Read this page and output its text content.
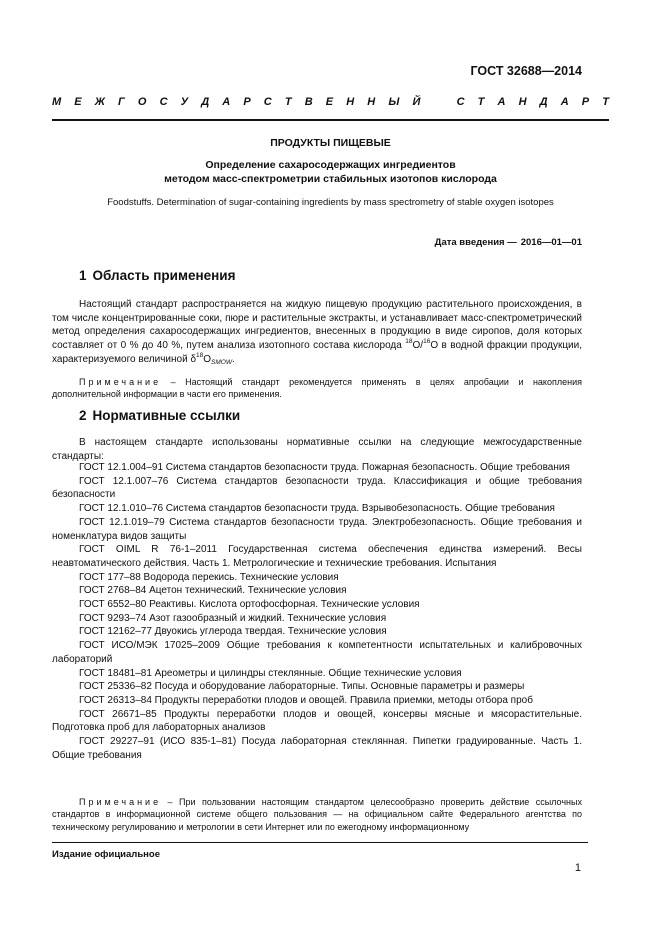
ГОСТ 32688—2014
М Е Ж Г О С У Д А Р С Т В Е Н Н Ы Й	С Т А Н Д А Р Т
ПРОДУКТЫ ПИЩЕВЫЕ
Определение сахаросодержащих ингредиентов
методом масс-спектрометрии стабильных изотопов кислорода
Foodstuffs. Determination of sugar-containing ingredients by mass spectrometry of stable oxygen isotopes
Дата введения — 2016—01—01
1 Область применения
Настоящий стандарт распространяется на жидкую пищевую продукцию растительного происхождения, в том числе концентрированные соки, пюре и растительные экстракты, и устанавливает масс-спектрометрический метод определения сахаросодержащих ингредиентов, внесенных в продукцию в виде сиропов, доля которых составляет от 0 % до 40 %, путем анализа изотопного состава кислорода $^{18}$O/$^{16}$O в водной фракции продукции, характеризуемого величиной $\delta^{18}O_{SMOW}$.
Примечание – Настоящий стандарт рекомендуется применять в целях апробации и накопления дополнительной информации в части его применения.
2 Нормативные ссылки
В настоящем стандарте использованы нормативные ссылки на следующие межгосударственные стандарты:
ГОСТ 12.1.004–91 Система стандартов безопасности труда. Пожарная безопасность. Общие требования
ГОСТ 12.1.007–76 Система стандартов безопасности труда. Классификация и общие требования безопасности
ГОСТ 12.1.010–76 Система стандартов безопасности труда. Взрывобезопасность. Общие требования
ГОСТ 12.1.019–79 Система стандартов безопасности труда. Электробезопасность. Общие требования и номенклатура видов защиты
ГОСТ OIML R 76-1–2011 Государственная система обеспечения единства измерений. Весы неавтоматического действия. Часть 1. Метрологические и технические требования. Испытания
ГОСТ 177–88 Водорода перекись. Технические условия
ГОСТ 2768–84 Ацетон технический. Технические условия
ГОСТ 6552–80 Реактивы. Кислота ортофосфорная. Технические условия
ГОСТ 9293–74 Азот газообразный и жидкий. Технические условия
ГОСТ 12162–77 Двуокись углерода твердая. Технические условия
ГОСТ ИСО/МЭК 17025–2009 Общие требования к компетентности испытательных и калибровочных лабораторий
ГОСТ 18481–81 Ареометры и цилиндры стеклянные. Общие технические условия
ГОСТ 25336–82 Посуда и оборудование лабораторные. Типы. Основные параметры и размеры
ГОСТ 26313–84 Продукты переработки плодов и овощей. Правила приемки, методы отбора проб
ГОСТ 26671–85 Продукты переработки плодов и овощей, консервы мясные и мясорастительные. Подготовка проб для лабораторных анализов
ГОСТ 29227–91 (ИСО 835-1–81) Посуда лабораторная стеклянная. Пипетки градуированные. Часть 1. Общие требования
Примечание – При пользовании настоящим стандартом целесообразно проверить действие ссылочных стандартов в информационной системе общего пользования — на официальном сайте Федерального агентства по техническому регулированию и метрологии в сети Интернет или по ежегодному информационному
Издание официальное
1
